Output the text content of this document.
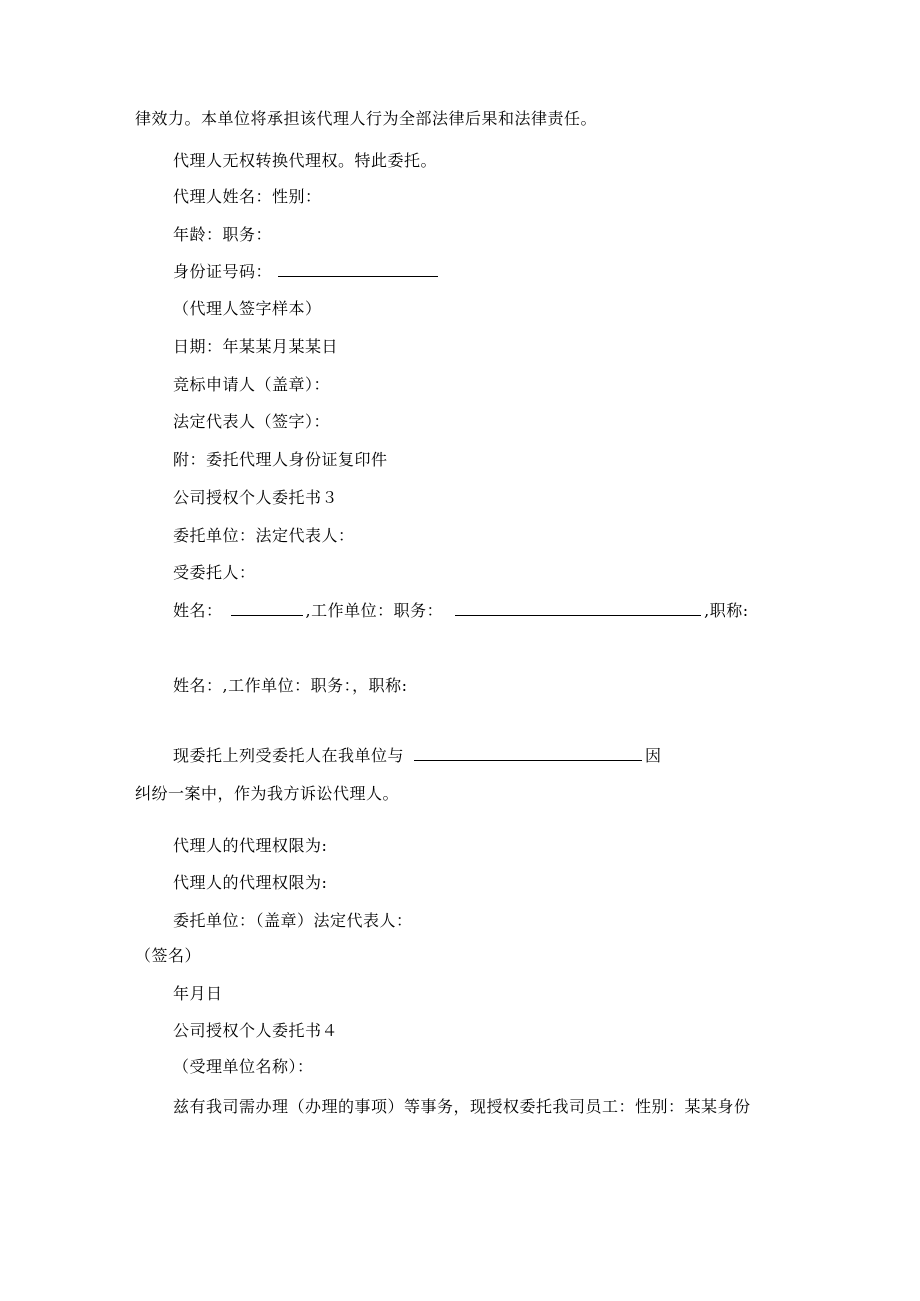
律效力。本单位将承担该代理人行为全部法律后果和法律责任。
代理人无权转换代理权。特此委托。
代理人姓名：性别：
年龄：职务：
身份证号码：
（代理人签字样本）
日期：年某某月某某日
竞标申请人（盖章）：
法定代表人（签字）：
附：委托代理人身份证复印件
公司授权个人委托书３
委托单位：法定代表人：
受委托人：
姓名：	,工作单位：职务：	,职称:
姓名：,工作单位：职务：，职称:
现委托上列受委托人在我单位与	因
纠纷一案中，作为我方诉讼代理人。
代理人的代理权限为:
代理人的代理权限为:
委托单位：（盖章）法定代表人：
（签名）
年月日
公司授权个人委托书４
（受理单位名称）：
兹有我司需办理（办理的事项）等事务，现授权委托我司员工：性别：某某身份
